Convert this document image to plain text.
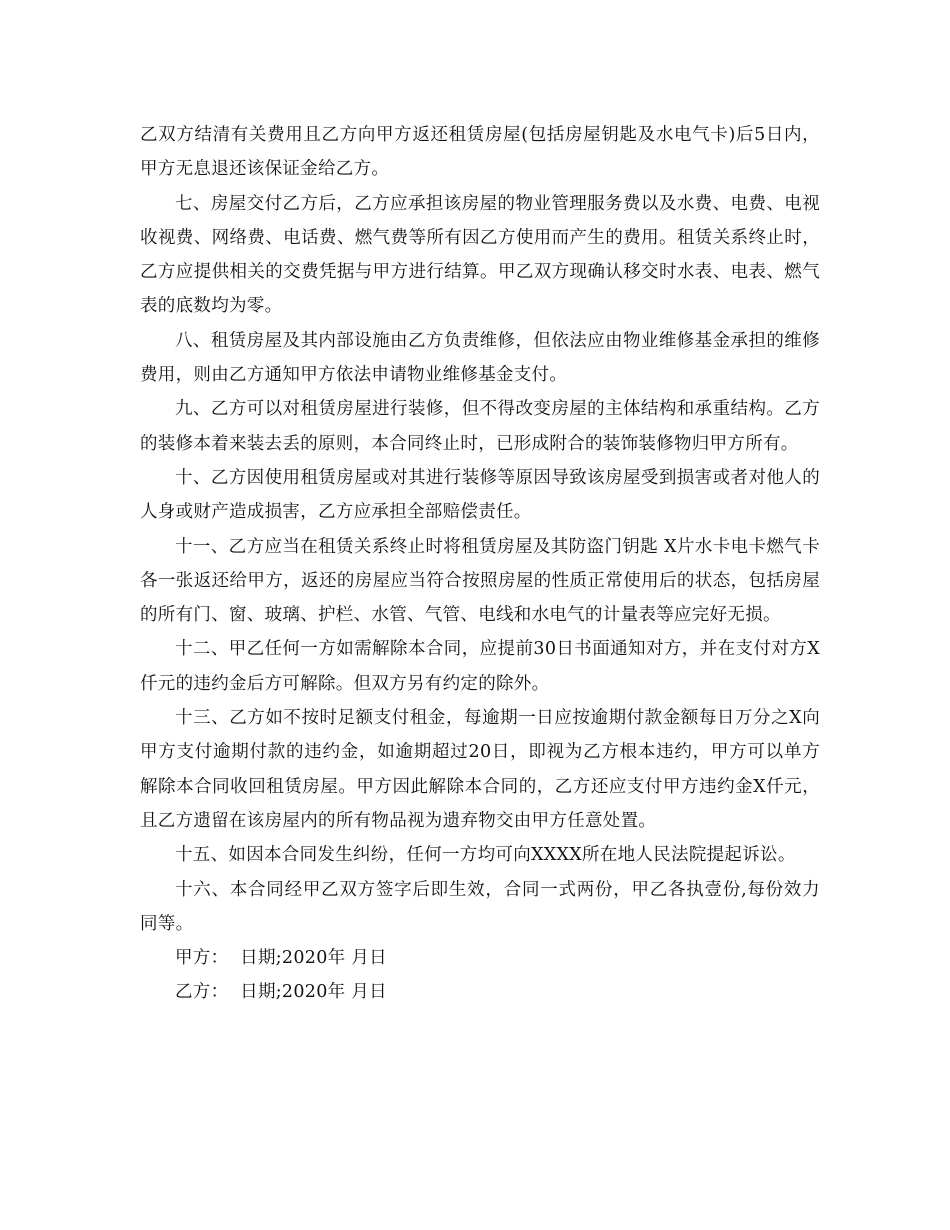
乙双方结清有关费用且乙方向甲方返还租赁房屋(包括房屋钥匙及水电气卡)后5日内，甲方无息退还该保证金给乙方。

七、房屋交付乙方后，乙方应承担该房屋的物业管理服务费以及水费、电费、电视收视费、网络费、电话费、燃气费等所有因乙方使用而产生的费用。租赁关系终止时，乙方应提供相关的交费凭据与甲方进行结算。甲乙双方现确认移交时水表、电表、燃气表的底数均为零。

八、租赁房屋及其内部设施由乙方负责维修，但依法应由物业维修基金承担的维修费用，则由乙方通知甲方依法申请物业维修基金支付。

九、乙方可以对租赁房屋进行装修，但不得改变房屋的主体结构和承重结构。乙方的装修本着来装去丢的原则，本合同终止时，已形成附合的装饰装修物归甲方所有。

十、乙方因使用租赁房屋或对其进行装修等原因导致该房屋受到损害或者对他人的人身或财产造成损害，乙方应承担全部赔偿责任。

十一、乙方应当在租赁关系终止时将租赁房屋及其防盗门钥匙 X片水卡电卡燃气卡各一张返还给甲方，返还的房屋应当符合按照房屋的性质正常使用后的状态，包括房屋的所有门、窗、玻璃、护栏、水管、气管、电线和水电气的计量表等应完好无损。

十二、甲乙任何一方如需解除本合同，应提前30日书面通知对方，并在支付对方X仟元的违约金后方可解除。但双方另有约定的除外。

十三、乙方如不按时足额支付租金，每逾期一日应按逾期付款金额每日万分之X向甲方支付逾期付款的违约金，如逾期超过20日，即视为乙方根本违约，甲方可以单方解除本合同收回租赁房屋。甲方因此解除本合同的，乙方还应支付甲方违约金X仟元，且乙方遗留在该房屋内的所有物品视为遗弃物交由甲方任意处置。

十五、如因本合同发生纠纷，任何一方均可向XXXX所在地人民法院提起诉讼。

十六、本合同经甲乙双方签字后即生效，合同一式两份，甲乙各执壹份,每份效力同等。

甲方： 日期;2020年 月日
乙方： 日期;2020年 月日
